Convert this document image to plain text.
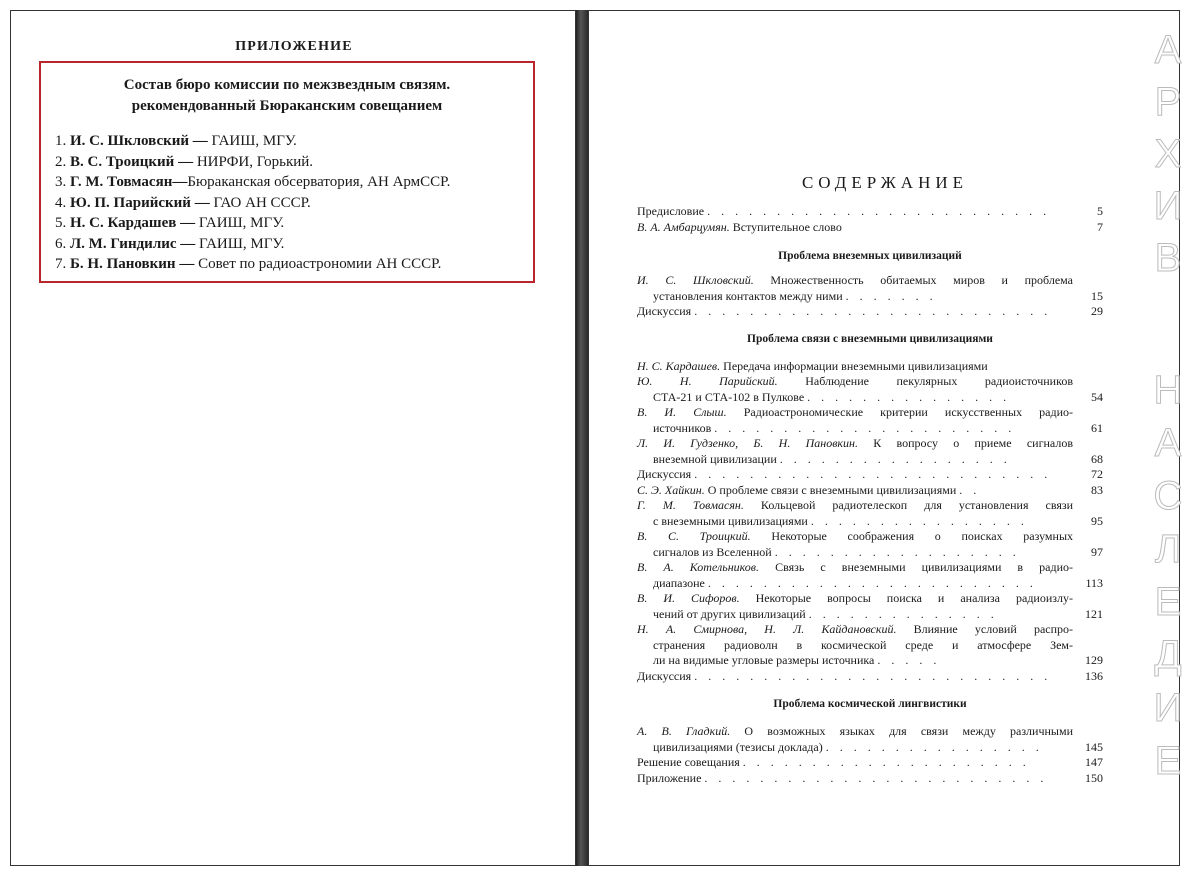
ПРИЛОЖЕНИЕ
Состав бюро комиссии по межзвездным связям.
рекомендованный Бюраканским совещанием
1. И. С. Шкловский — ГАИШ, МГУ.
2. В. С. Троицкий — НИРФИ, Горький.
3. Г. М. Товмасян—Бюраканская обсерватория, АН АрмССР.
4. Ю. П. Парийский — ГАО АН СССР.
5. Н. С. Кардашев — ГАИШ, МГУ.
6. Л. М. Гиндилис — ГАИШ, МГУ.
7. Б. Н. Пановкин — Совет по радиоастрономии АН СССР.
СОДЕРЖАНИЕ
Предисловие . . . . . . . . . . . . . . . . . . . . . . . . .	5
В. А. Амбарцумян. Вступительное слово	7
Проблема внеземных цивилизаций
И. С. Шкловский. Множественность обитаемых миров и проблема
установления контактов между ними . . . . . . .	15
Дискуссия . . . . . . . . . . . . . . . . . . . . . . . . . .	29
Проблема связи с внеземными цивилизациями
Н. С. Кардашев. Передача информации внеземными цивилизациями
Ю. Н. Парийский. Наблюдение пекулярных радиоисточников
СТА-21 и СТА-102 в Пулкове . . . . . . . . . . . . . . .	54
В. И. Слыш. Радиоастрономические критерии искусственных радио-
источников . . . . . . . . . . . . . . . . . . . . . .	61
Л. И. Гудзенко, Б. Н. Пановкин. К вопросу о приеме сигналов
внеземной цивилизации . . . . . . . . . . . . . . . . .	68
Дискуссия . . . . . . . . . . . . . . . . . . . . . . . . . .	72
С. Э. Хайкин. О проблеме связи с внеземными цивилизациями . .	83
Г. М. Товмасян. Кольцевой радиотелескоп для установления связи
с внеземными цивилизациями . . . . . . . . . . . . . . . .	95
В. С. Троицкий. Некоторые соображения о поисках разумных
сигналов из Вселенной . . . . . . . . . . . . . . . . . .	97
В. А. Котельников. Связь с внеземными цивилизациями в радио-
диапазоне . . . . . . . . . . . . . . . . . . . . . . . .	113
В. И. Сифоров. Некоторые вопросы поиска и анализа радиоизлу-
чений от других цивилизаций . . . . . . . . . . . . . .	121
Н. А. Смирнова, Н. Л. Кайдановский. Влияние условий распро-
странения радиоволн в космической среде и атмосфере Зем-
ли на видимые угловые размеры источника . . . . .	129
Дискуссия . . . . . . . . . . . . . . . . . . . . . . . . . .	136
Проблема космической лингвистики
А. В. Гладкий. О возможных языках для связи между различными
цивилизациями (тезисы доклада) . . . . . . . . . . . . . . . .	145
Решение совещания . . . . . . . . . . . . . . . . . . . . .	147
Приложение . . . . . . . . . . . . . . . . . . . . . . . . .	150
А
Р
Х
И
В
Н
А
С
Л
Е
Д
И
Е
